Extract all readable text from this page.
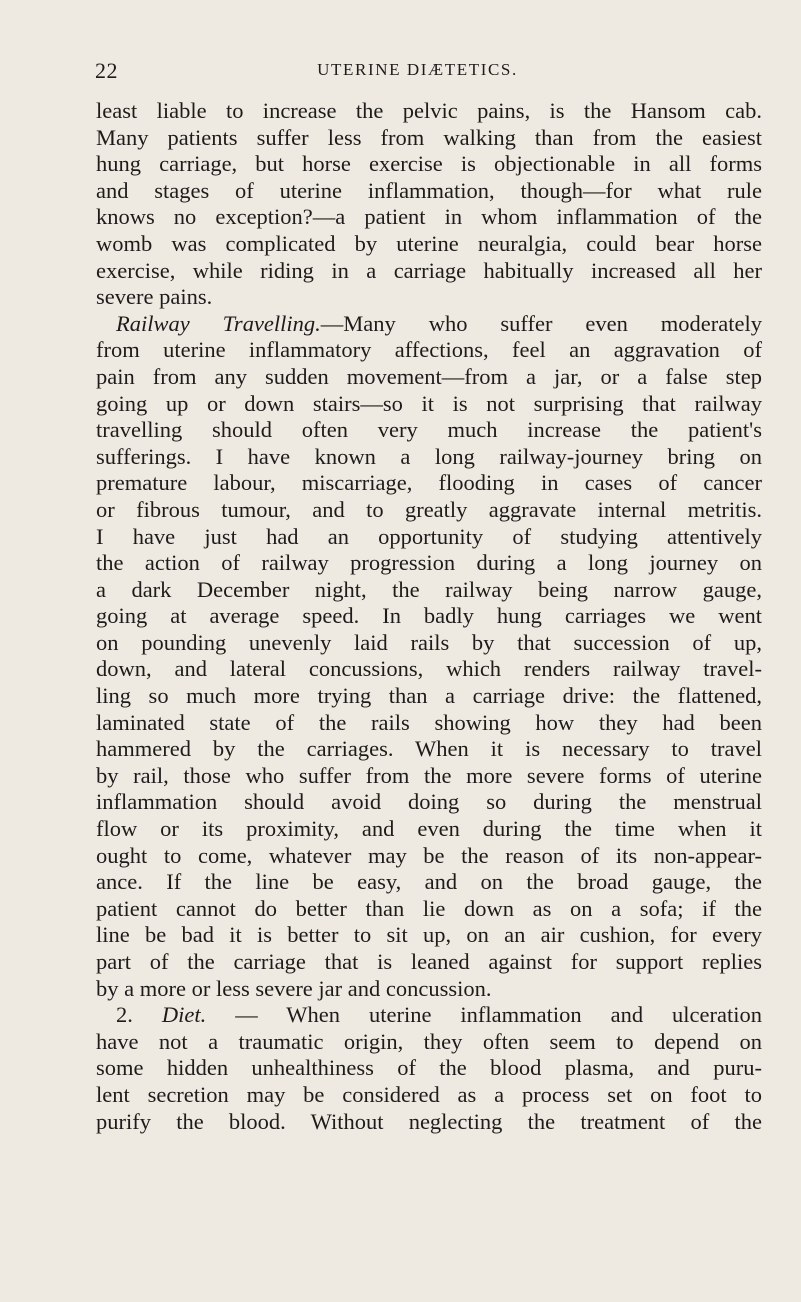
22	UTERINE DIÆTETICS.
least liable to increase the pelvic pains, is the Hansom cab.
Many patients suffer less from walking than from the easiest
hung carriage, but horse exercise is objectionable in all forms
and stages of uterine inflammation, though—for what rule
knows no exception?—a patient in whom inflammation of the
womb was complicated by uterine neuralgia, could bear horse
exercise, while riding in a carriage habitually increased all her
severe pains.
Railway Travelling.—Many who suffer even moderately
from uterine inflammatory affections, feel an aggravation of
pain from any sudden movement—from a jar, or a false step
going up or down stairs—so it is not surprising that railway
travelling should often very much increase the patient's
sufferings. I have known a long railway-journey bring on
premature labour, miscarriage, flooding in cases of cancer
or fibrous tumour, and to greatly aggravate internal metritis.
I have just had an opportunity of studying attentively
the action of railway progression during a long journey on
a dark December night, the railway being narrow gauge,
going at average speed. In badly hung carriages we went
on pounding unevenly laid rails by that succession of up,
down, and lateral concussions, which renders railway travel-
ling so much more trying than a carriage drive: the flattened,
laminated state of the rails showing how they had been
hammered by the carriages. When it is necessary to travel
by rail, those who suffer from the more severe forms of uterine
inflammation should avoid doing so during the menstrual
flow or its proximity, and even during the time when it
ought to come, whatever may be the reason of its non-appear-
ance. If the line be easy, and on the broad gauge, the
patient cannot do better than lie down as on a sofa; if the
line be bad it is better to sit up, on an air cushion, for every
part of the carriage that is leaned against for support replies
by a more or less severe jar and concussion.
2. Diet. — When uterine inflammation and ulceration
have not a traumatic origin, they often seem to depend on
some hidden unhealthiness of the blood plasma, and puru-
lent secretion may be considered as a process set on foot to
purify the blood. Without neglecting the treatment of the
